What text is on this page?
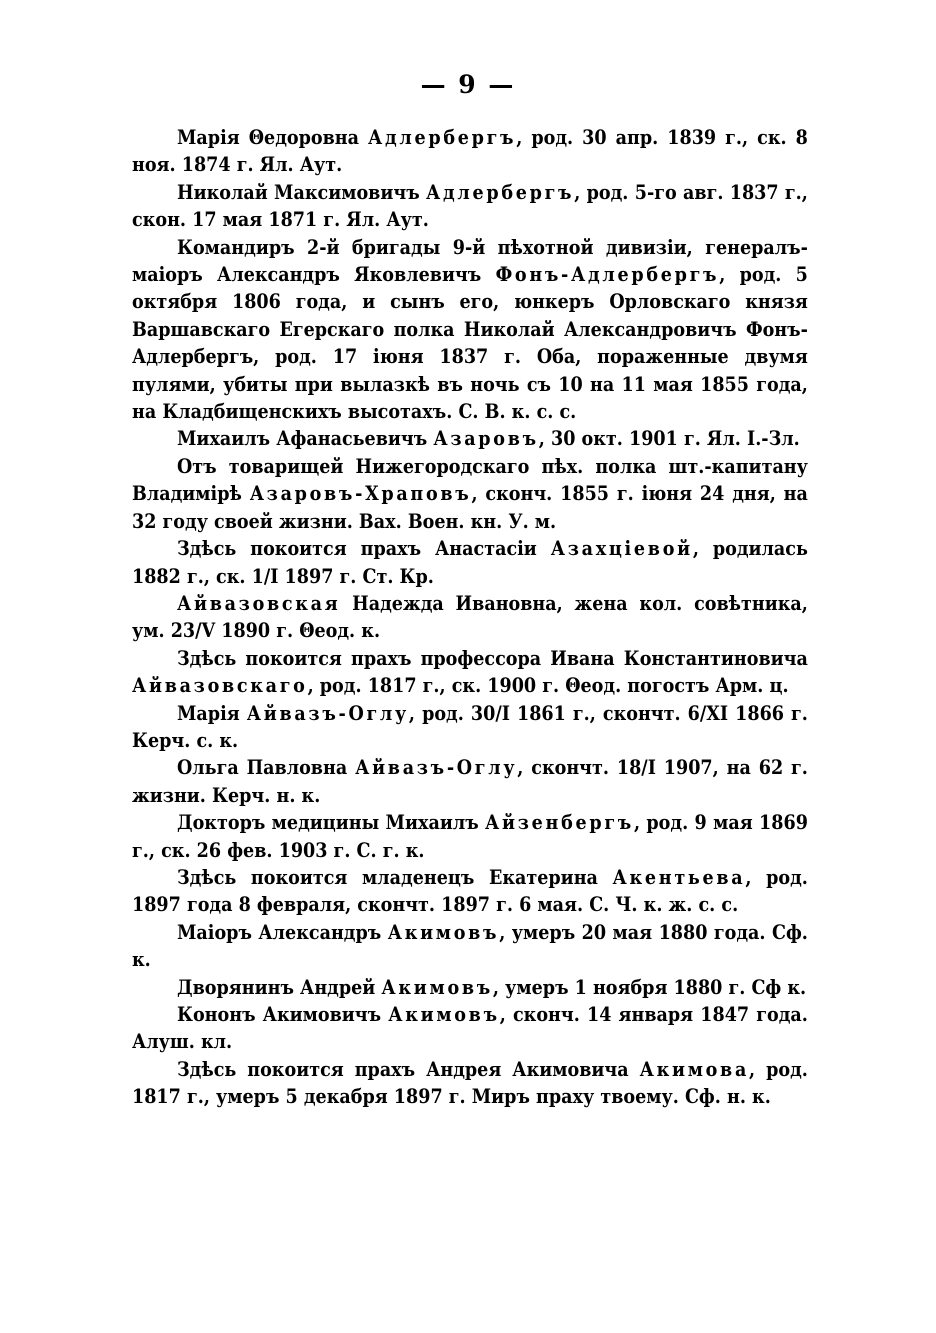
— 9 —

Марія Θедоровна Адлербергъ, род. 30 апр. 1839 г., ск. 8 ноя. 1874 г. Ял. Аут.

Николай Максимовичъ Адлербергъ, род. 5-го авг. 1837 г., скон. 17 мая 1871 г. Ял. Аут.

Командиръ 2-й бригады 9-й пѣхотной дивизіи, генералъ-маіоръ Александръ Яковлевичъ Фонъ-Адлербергъ, род. 5 октября 1806 года, и сынъ его, юнкеръ Орловскаго князя Варшавскаго Егерскаго полка Николай Александровичъ Фонъ-Адлербергъ, род. 17 іюня 1837 г. Оба, пораженные двумя пулями, убиты при вылазкѣ въ ночь съ 10 на 11 мая 1855 года, на Кладбищенскихъ высотахъ. С. В. к. с. с.

Михаилъ Афанасьевичъ Азаровъ, 30 окт. 1901 г. Ял. І.-Зл.

Отъ товарищей Нижегородскаго пѣх. полка шт.-капитану Владимірѣ Азаровъ-Храповъ, сконч. 1855 г. іюня 24 дня, на 32 году своей жизни. Вах. Воен. кн. У. м.

Здѣсь покоится прахъ Анастасіи Азахціевой, родилась 1882 г., ск. 1/I 1897 г. Ст. Кр.

Айвазовская Надежда Ивановна, жена кол. совѣтника, ум. 23/V 1890 г. Θеод. к.

Здѣсь покоится прахъ профессора Ивана Константиновича Айвазовскаго, род. 1817 г., ск. 1900 г. Θеод. погостъ Арм. ц.

Марія Айвазъ-Оглу, род. 30/I 1861 г., скончт. 6/XI 1866 г. Керч. с. к.

Ольга Павловна Айвазъ-Оглу, скончт. 18/I 1907, на 62 г. жизни. Керч. н. к.

Докторъ медицины Михаилъ Айзенбергъ, род. 9 мая 1869 г., ск. 26 фев. 1903 г. С. г. к.

Здѣсь покоится младенецъ Екатерина Акентьева, род. 1897 года 8 февраля, скончт. 1897 г. 6 мая. С. Ч. к. ж. с. с.

Маіоръ Александръ Акимовъ, умеръ 20 мая 1880 года. Сф. к.

Дворянинъ Андрей Акимовъ, умеръ 1 ноября 1880 г. Сф к.

Кононъ Акимовичъ Акимовъ, сконч. 14 января 1847 года. Алуш. кл.

Здѣсь покоится прахъ Андрея Акимовича Акимова, род. 1817 г., умеръ 5 декабря 1897 г. Миръ праху твоему. Сф. н. к.
